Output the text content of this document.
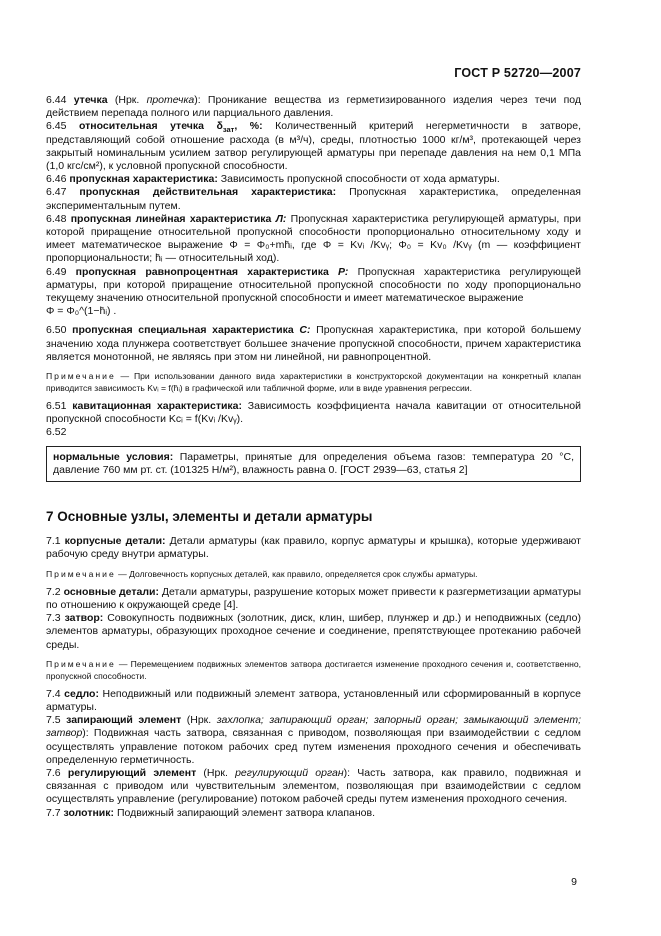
ГОСТ Р 52720—2007

6.44 утечка (Нрк. протечка): Проникание вещества из герметизированного изделия через течи под действием перепада полного или парциального давления.

6.45 относительная утечка $\delta_{зат}$, %: Количественный критерий негерметичности в затворе, представляющий собой отношение расхода (в м³/ч), среды, плотностью 1000 кг/м³, протекающей через закрытый номинальным усилием затвор регулирующей арматуры при перепаде давления на нем 0,1 МПа (1,0 кгс/см²), к условной пропускной способности.

6.46 пропускная характеристика: Зависимость пропускной способности от хода арматуры.

6.47 пропускная действительная характеристика: Пропускная характеристика, определенная экспериментальным путем.

6.48 пропускная линейная характеристика Л: Пропускная характеристика регулирующей арматуры, при которой приращение относительной пропускной способности пропорционально относительному ходу и имеет математическое выражение Φ = Φ₀+mh̄ᵢ, где Φ = Kvᵢ /Kvᵧ; Φ₀ = Kv₀ /Kvᵧ (m — коэффициент пропорциональности; h̄ᵢ — относительный ход).

6.49 пропускная равнопроцентная характеристика Р: Пропускная характеристика регулирующей арматуры, при которой приращение относительной пропускной способности по ходу пропорционально текущему значению относительной пропускной способности и имеет математическое выражение
Φ = Φ₀^(1−h̄ᵢ) .

6.50 пропускная специальная характеристика С: Пропускная характеристика, при которой большему значению хода плунжера соответствует большее значение пропускной способности, причем характеристика являeтся монотонной, не являясь при этом ни линейной, ни равнопроцентной.

Примечание — При использовании данного вида характеристики в конструкторской документации на конкретный клапан приводится зависимость Kvᵢ = f(h̄ᵢ) в графической или табличной форме, или в виде уравнения регрессии.

6.51 кавитационная характеристика: Зависимость коэффициента начала кавитации от относительной пропускной способности Kcᵢ = f(Kvᵢ /Kvᵧ).

6.52

нормальные условия: Параметры, принятые для определения объема газов: температура 20 °С, давление 760 мм рт. ст. (101325 Н/м²), влажность равна 0. [ГОСТ 2939—63, статья 2]

7 Основные узлы, элементы и детали арматуры

7.1 корпусные детали: Детали арматуры (как правило, корпус арматуры и крышка), которые удерживают рабочую среду внутри арматуры.

Примечание — Долговечность корпусных деталей, как правило, определяется срок службы арматуры.

7.2 основные детали: Детали арматуры, разрушение которых может привести к разгерметизации арматуры по отношению к окружающей среде [4].

7.3 затвор: Совокупность подвижных (золотник, диск, клин, шибер, плунжер и др.) и неподвижных (седло) элементов арматуры, образующих проходное сечение и соединение, препятствующее протеканию рабочей среды.

Примечание — Перемещением подвижных элементов затвора достигается изменение проходного сечения и, соответственно, пропускной способности.

7.4 седло: Неподвижный или подвижный элемент затвора, установленный или сформированный в корпусе арматуры.

7.5 запирающий элемент (Нрк. захлопка; запирающий орган; запорный орган; замыкающий элемент; затвор): Подвижная часть затвора, связанная с приводом, позволяющая при взаимодействии с седлом осуществлять управление потоком рабочих сред путем изменения проходного сечения и обеспечивать определенную герметичность.

7.6 регулирующий элемент (Нрк. регулирующий орган): Часть затвора, как правило, подвижная и связанная с приводом или чувствительным элементом, позволяющая при взаимодействии с седлом осуществлять управление (регулирование) потоком рабочей среды путем изменения проходного сечения.

7.7 золотник: Подвижный запирающий элемент затвора клапанов.

9
